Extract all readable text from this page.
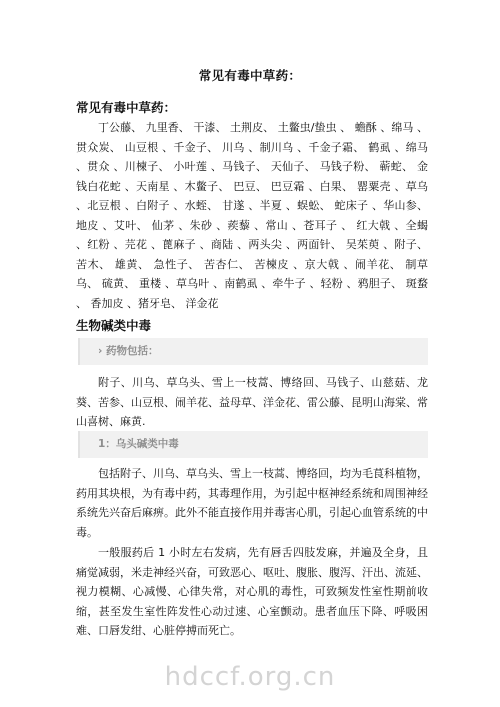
常见有毒中草药：
常见有毒中草药：

丁公藤、 九里香、 干漆、 土荆皮、 土鳖虫/蛰虫 、 蟾酥 、绵马 、贯众炭、 山豆根 、千金子、 川乌 、制川乌 、千金子霜、 鹤虱 、绵马 、贯众 、川楝子、 小叶莲 、马钱子、 天仙子、 马钱子粉、 蕲蛇、 金钱白花蛇 、天南星 、木鳖子、 巴豆、 巴豆霜 、白果、 罂粟壳 、草乌 、北豆根 、白附子 、水蛭、 甘遂 、半夏 、蜈蚣、 蛇床子 、华山参、 地皮 、艾叶、 仙茅 、朱砂 、蒺藜 、常山 、苍耳子 、 红大戟 、全蝎 、红粉 、芫花 、蓖麻子 、商陆 、两头尖 、两面针、 吴茱萸 、附子、 苦木、 雄黄、 急性子、 苦杏仁、 苦楝皮 、京大戟 、闹羊花、 制草乌、 硫黄、 重楼 、草乌叶 、南鹤虱 、牵牛子 、轻粉 、鸦胆子、 斑蝥 、 香加皮 、猪牙皂、 洋金花

生物碱类中毒
› 药物包括：

附子、川乌、草乌头、雪上一枝蒿、博络回、马钱子、山慈菇、龙葵、苦参、山豆根、闹羊花、益母草、洋金花、雷公藤、昆明山海棠、常山喜树、麻黄.

1：乌头碱类中毒

包括附子、川乌、草乌头、雪上一枝蒿、博络回，均为毛茛科植物，药用其块根，为有毒中药，其毒理作用，为引起中枢神经系统和周围神经系统先兴奋后麻痹。此外不能直接作用并毒害心肌，引起心血管系统的中毒。

一般服药后 1 小时左右发病，先有唇舌四肢发麻，并遍及全身，且痛觉减弱，米走神经兴奋，可致恶心、呕吐、腹胀、腹泻、汗出、流延、视力模糊、心减慢、心律失常，对心肌的毒性，可致频发性室性期前收缩，甚至发生室性阵发性心动过速、心室颤动。患者血压下降、呼吸困难、口唇发绀、心脏停搏而死亡。

hdccf.org.cn
